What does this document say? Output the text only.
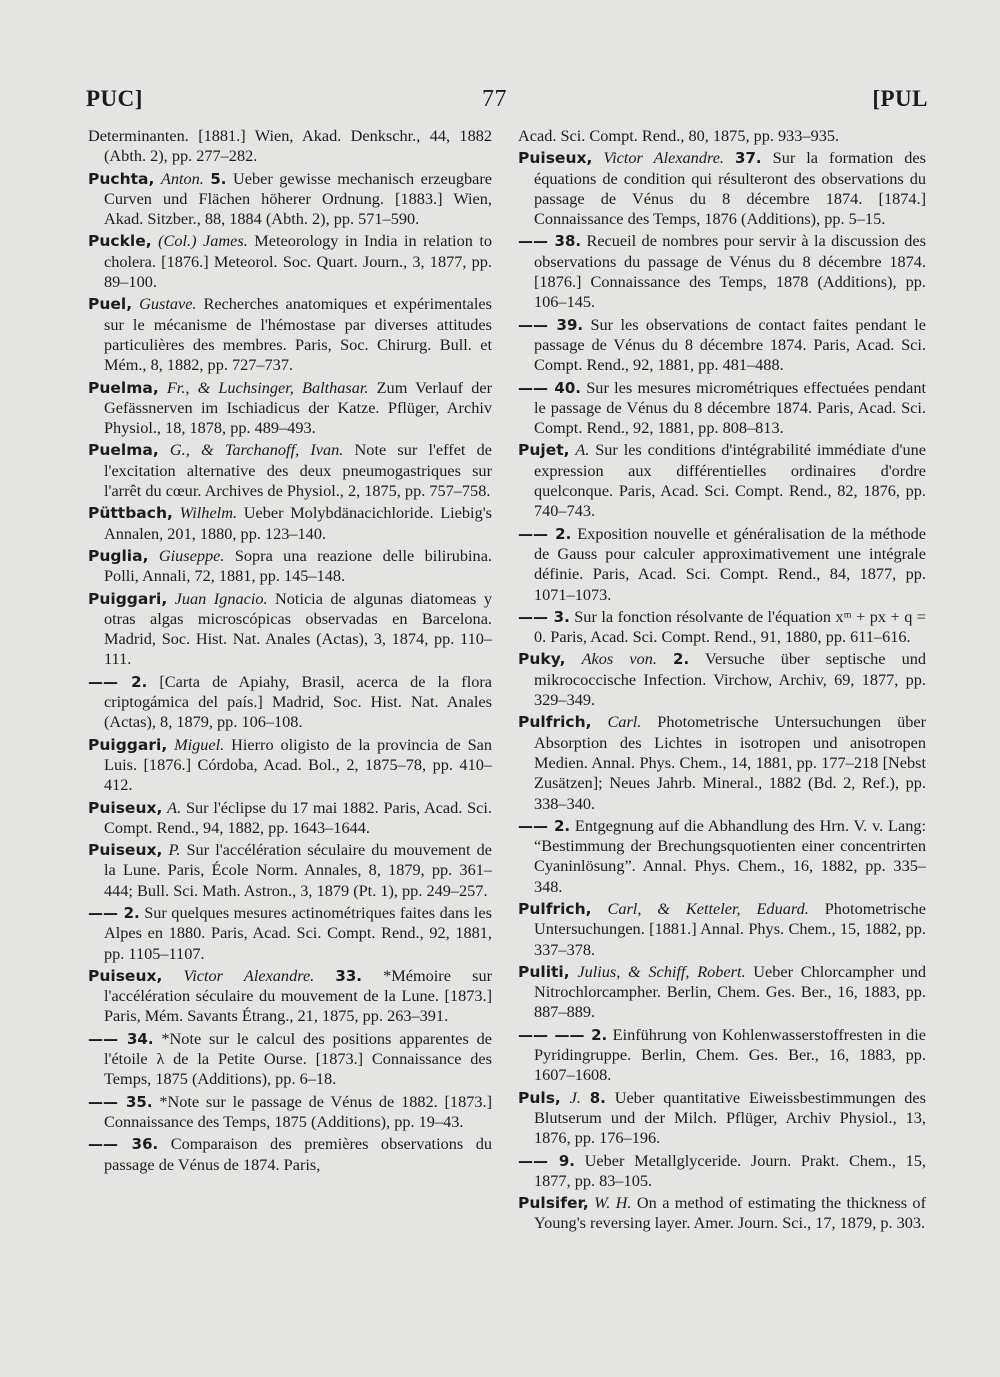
PUC]	77	[PUL

Determinanten. [1881.] Wien, Akad. Denkschr., 44, 1882 (Abth. 2), pp. 277–282.

Puchta, Anton. 5. Ueber gewisse mechanisch erzeugbare Curven und Flächen höherer Ordnung. [1883.] Wien, Akad. Sitzber., 88, 1884 (Abth. 2), pp. 571–590.

Puckle, (Col.) James. Meteorology in India in relation to cholera. [1876.] Meteorol. Soc. Quart. Journ., 3, 1877, pp. 89–100.

Puel, Gustave. Recherches anatomiques et expérimentales sur le mécanisme de l'hémostase par diverses attitudes particulières des membres. Paris, Soc. Chirurg. Bull. et Mém., 8, 1882, pp. 727–737.

Puelma, Fr., & Luchsinger, Balthasar. Zum Verlauf der Gefässnerven im Ischiadicus der Katze. Pflüger, Archiv Physiol., 18, 1878, pp. 489–493.

Puelma, G., & Tarchanoff, Ivan. Note sur l'effet de l'excitation alternative des deux pneumogastriques sur l'arrêt du cœur. Archives de Physiol., 2, 1875, pp. 757–758.

Püttbach, Wilhelm. Ueber Molybdänacichloride. Liebig's Annalen, 201, 1880, pp. 123–140.

Puglia, Giuseppe. Sopra una reazione delle bilirubina. Polli, Annali, 72, 1881, pp. 145–148.

Puiggari, Juan Ignacio. Noticia de algunas diatomeas y otras algas microscópicas observadas en Barcelona. Madrid, Soc. Hist. Nat. Anales (Actas), 3, 1874, pp. 110–111.

—— 2. [Carta de Apiahy, Brasil, acerca de la flora criptogámica del país.] Madrid, Soc. Hist. Nat. Anales (Actas), 8, 1879, pp. 106–108.

Puiggari, Miguel. Hierro oligisto de la provincia de San Luis. [1876.] Córdoba, Acad. Bol., 2, 1875–78, pp. 410–412.

Puiseux, A. Sur l'éclipse du 17 mai 1882. Paris, Acad. Sci. Compt. Rend., 94, 1882, pp. 1643–1644.

Puiseux, P. Sur l'accélération séculaire du mouvement de la Lune. Paris, École Norm. Annales, 8, 1879, pp. 361–444; Bull. Sci. Math. Astron., 3, 1879 (Pt. 1), pp. 249–257.

—— 2. Sur quelques mesures actinométriques faites dans les Alpes en 1880. Paris, Acad. Sci. Compt. Rend., 92, 1881, pp. 1105–1107.

Puiseux, Victor Alexandre. 33. *Mémoire sur l'accélération séculaire du mouvement de la Lune. [1873.] Paris, Mém. Savants Étrang., 21, 1875, pp. 263–391.

—— 34. *Note sur le calcul des positions apparentes de l'étoile λ de la Petite Ourse. [1873.] Connaissance des Temps, 1875 (Additions), pp. 6–18.

—— 35. *Note sur le passage de Vénus de 1882. [1873.] Connaissance des Temps, 1875 (Additions), pp. 19–43.

—— 36. Comparaison des premières observations du passage de Vénus de 1874. Paris,

Acad. Sci. Compt. Rend., 80, 1875, pp. 933–935.

Puiseux, Victor Alexandre. 37. Sur la formation des équations de condition qui résulteront des observations du passage de Vénus du 8 décembre 1874. [1874.] Connaissance des Temps, 1876 (Additions), pp. 5–15.

—— 38. Recueil de nombres pour servir à la discussion des observations du passage de Vénus du 8 décembre 1874. [1876.] Connaissance des Temps, 1878 (Additions), pp. 106–145.

—— 39. Sur les observations de contact faites pendant le passage de Vénus du 8 décembre 1874. Paris, Acad. Sci. Compt. Rend., 92, 1881, pp. 481–488.

—— 40. Sur les mesures micrométriques effectuées pendant le passage de Vénus du 8 décembre 1874. Paris, Acad. Sci. Compt. Rend., 92, 1881, pp. 808–813.

Pujet, A. Sur les conditions d'intégrabilité immédiate d'une expression aux différentielles ordinaires d'ordre quelconque. Paris, Acad. Sci. Compt. Rend., 82, 1876, pp. 740–743.

—— 2. Exposition nouvelle et généralisation de la méthode de Gauss pour calculer approximativement une intégrale définie. Paris, Acad. Sci. Compt. Rend., 84, 1877, pp. 1071–1073.

—— 3. Sur la fonction résolvante de l'équation xᵐ + px + q = 0. Paris, Acad. Sci. Compt. Rend., 91, 1880, pp. 611–616.

Puky, Akos von. 2. Versuche über septische und mikrococcische Infection. Virchow, Archiv, 69, 1877, pp. 329–349.

Pulfrich, Carl. Photometrische Untersuchungen über Absorption des Lichtes in isotropen und anisotropen Medien. Annal. Phys. Chem., 14, 1881, pp. 177–218 [Nebst Zusätzen]; Neues Jahrb. Mineral., 1882 (Bd. 2, Ref.), pp. 338–340.

—— 2. Entgegnung auf die Abhandlung des Hrn. V. v. Lang: “Bestimmung der Brechungsquotienten einer concentrirten Cyaninlösung”. Annal. Phys. Chem., 16, 1882, pp. 335–348.

Pulfrich, Carl, & Ketteler, Eduard. Photometrische Untersuchungen. [1881.] Annal. Phys. Chem., 15, 1882, pp. 337–378.

Puliti, Julius, & Schiff, Robert. Ueber Chlorcampher und Nitrochlorcampher. Berlin, Chem. Ges. Ber., 16, 1883, pp. 887–889.

—— —— 2. Einführung von Kohlenwasserstoffresten in die Pyridingruppe. Berlin, Chem. Ges. Ber., 16, 1883, pp. 1607–1608.

Puls, J. 8. Ueber quantitative Eiweissbestimmungen des Blutserum und der Milch. Pflüger, Archiv Physiol., 13, 1876, pp. 176–196.

—— 9. Ueber Metallglyceride. Journ. Prakt. Chem., 15, 1877, pp. 83–105.

Pulsifer, W. H. On a method of estimating the thickness of Young's reversing layer. Amer. Journ. Sci., 17, 1879, p. 303.
